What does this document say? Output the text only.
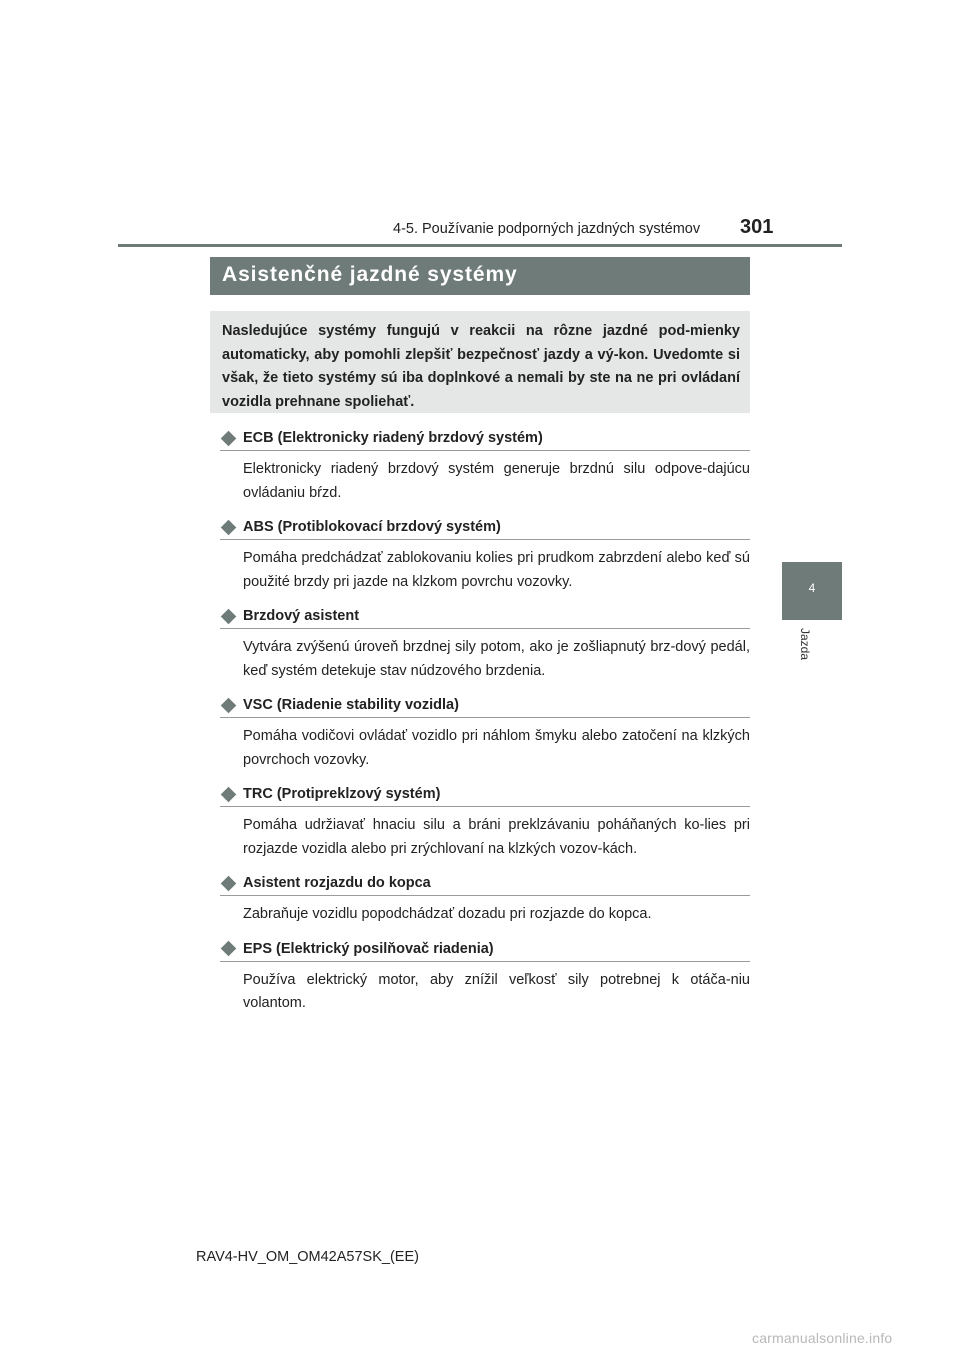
4-5. Používanie podporných jazdných systémov 301
4
Jazda
Asistenčné jazdné systémy
Nasledujúce systémy fungujú v reakcii na rôzne jazdné pod-mienky automaticky, aby pomohli zlepšiť bezpečnosť jazdy a vý-kon. Uvedomte si však, že tieto systémy sú iba doplnkové a nemali by ste na ne pri ovládaní vozidla prehnane spoliehať.
ECB (Elektronicky riadený brzdový systém)
Elektronicky riadený brzdový systém generuje brzdnú silu odpove-dajúcu ovládaniu bŕzd.
ABS (Protiblokovací brzdový systém)
Pomáha predchádzať zablokovaniu kolies pri prudkom zabrzdení alebo keď sú použité brzdy pri jazde na klzkom povrchu vozovky.
Brzdový asistent
Vytvára zvýšenú úroveň brzdnej sily potom, ako je zošliapnutý brz-dový pedál, keď systém detekuje stav núdzového brzdenia.
VSC (Riadenie stability vozidla)
Pomáha vodičovi ovládať vozidlo pri náhlom šmyku alebo zatočení na klzkých povrchoch vozovky.
TRC (Protipreklzový systém)
Pomáha udržiavať hnaciu silu a bráni preklzávaniu poháňaných ko-lies pri rozjazde vozidla alebo pri zrýchlovaní na klzkých vozov-kách.
Asistent rozjazdu do kopca
Zabraňuje vozidlu popodchádzať dozadu pri rozjazde do kopca.
EPS (Elektrický posilňovač riadenia)
Používa elektrický motor, aby znížil veľkosť sily potrebnej k otáča-niu volantom.
RAV4-HV_OM_OM42A57SK_(EE)
carmanualsonline.info
